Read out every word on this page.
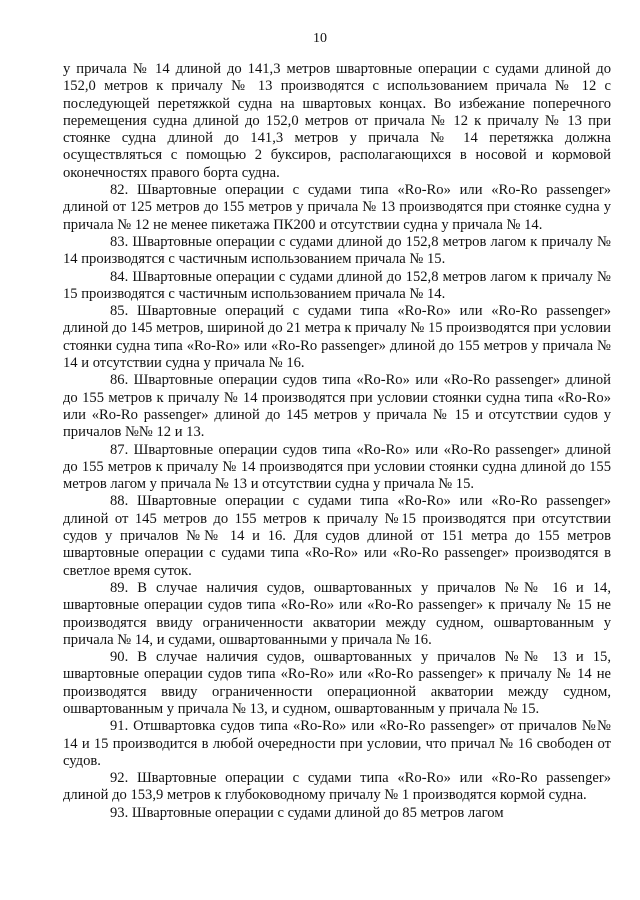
10

у причала № 14 длиной до 141,3 метров швартовные операции с судами длиной до 152,0 метров к причалу № 13 производятся с использованием причала № 12 с последующей перетяжкой судна на швартовых концах. Во избежание поперечного перемещения судна длиной до 152,0 метров от причала № 12 к причалу № 13 при стоянке судна длиной до 141,3 метров у причала № 14 перетяжка должна осуществляться с помощью 2 буксиров, располагающихся в носовой и кормовой оконечностях правого борта судна.

82. Швартовные операции с судами типа «Ro-Ro» или «Ro-Ro passenger» длиной от 125 метров до 155 метров у причала № 13 производятся при стоянке судна у причала № 12 не менее пикетажа ПК200 и отсутствии судна у причала № 14.

83. Швартовные операции с судами длиной до 152,8 метров лагом к причалу № 14 производятся с частичным использованием причала № 15.

84. Швартовные операции с судами длиной до 152,8 метров лагом к причалу № 15 производятся с частичным использованием причала № 14.

85. Швартовные операций с судами типа «Ro-Ro» или «Ro-Ro passenger» длиной до 145 метров, шириной до 21 метра к причалу № 15 производятся при условии стоянки судна типа «Ro-Ro» или «Ro-Ro passenger» длиной до 155 метров у причала № 14 и отсутствии судна у причала № 16.

86. Швартовные операции судов типа «Ro-Ro» или «Ro-Ro passenger» длиной до 155 метров к причалу № 14 производятся при условии стоянки судна типа «Ro-Ro» или «Ro-Ro passenger» длиной до 145 метров у причала № 15 и отсутствии судов у причалов №№ 12 и 13.

87. Швартовные операции судов типа «Ro-Ro» или «Ro-Ro passenger» длиной до 155 метров к причалу № 14 производятся при условии стоянки судна длиной до 155 метров лагом у причала № 13 и отсутствии судна у причала № 15.

88. Швартовные операции с судами типа «Ro-Ro» или «Ro-Ro passenger» длиной от 145 метров до 155 метров к причалу №15 производятся при отсутствии судов у причалов №№ 14 и 16. Для судов длиной от 151 метра до 155 метров швартовные операции с судами типа «Ro-Ro» или «Ro-Ro passenger» производятся в светлое время суток.

89. В случае наличия судов, ошвартованных у причалов №№ 16 и 14, швартовные операции судов типа «Ro-Ro» или «Ro-Ro passenger» к причалу № 15 не производятся ввиду ограниченности акватории между судном, ошвартованным у причала № 14, и судами, ошвартованными у причала № 16.

90. В случае наличия судов, ошвартованных у причалов №№ 13 и 15, швартовные операции судов типа «Ro-Ro» или «Ro-Ro passenger» к причалу № 14 не производятся ввиду ограниченности операционной акватории между судном, ошвартованным у причала № 13, и судном, ошвартованным у причала № 15.

91. Отшвартовка судов типа «Ro-Ro» или «Ro-Ro passenger» от причалов №№ 14 и 15 производится в любой очередности при условии, что причал № 16 свободен от судов.

92. Швартовные операции с судами типа «Ro-Ro» или «Ro-Ro passenger» длиной до 153,9 метров к глубоководному причалу № 1 производятся кормой судна.

93. Швартовные операции с судами длиной до 85 метров лагом
